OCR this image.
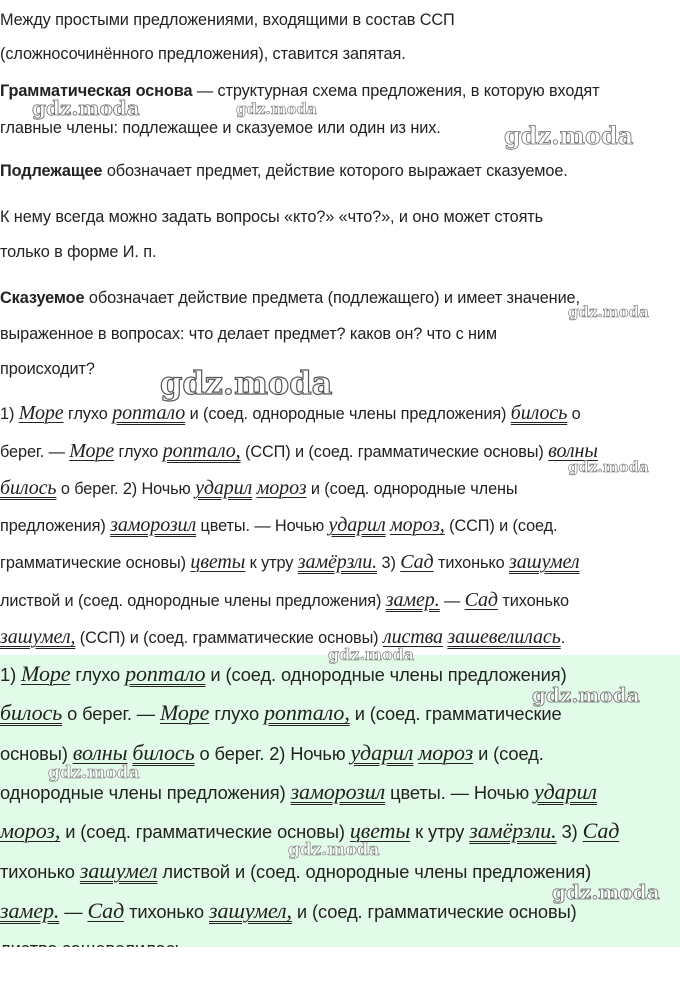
Между простыми предложениями, входящими в состав ССП
(сложносочинённого предложения), ставится запятая.
Грамматическая основа — структурная схема предложения, в которую входят
главные члены: подлежащее и сказуемое или один из них.
Подлежащее обозначает предмет, действие которого выражает сказуемое.
К нему всегда можно задать вопросы «кто?» «что?», и оно может стоять
только в форме И. п.
Сказуемое обозначает действие предмета (подлежащего) и имеет значение,
выраженное в вопросах: что делает предмет? каков он? что с ним
происходит?
1) Море глухо роптало и (соед. однородные члены предложения) билось о
берег. — Море глухо роптало, (ССП) и (соед. грамматические основы) волны
билось о берег. 2) Ночью ударил мороз и (соед. однородные члены
предложения) заморозил цветы. — Ночью ударил мороз, (ССП) и (соед.
грамматические основы) цветы к утру замёрзли. 3) Сад тихонько зашумел
листвой и (соед. однородные члены предложения) замер. — Сад тихонько
зашумел, (ССП) и (соед. грамматические основы) листва зашевелилась.
1) Море глухо роптало и (соед. однородные члены предложения)
билось о берег. — Море глухо роптало, и (соед. грамматические
основы) волны билось о берег. 2) Ночью ударил мороз и (соед.
однородные члены предложения) заморозил цветы. — Ночью ударил
мороз, и (соед. грамматические основы) цветы к утру замёрзли. 3) Сад
тихонько зашумел листвой и (соед. однородные члены предложения)
замер. — Сад тихонько зашумел, и (соед. грамматические основы)
gdz.moda	gdz.moda
gdz.moda
gdz.moda
gdz.moda
gdz.moda
gdz.moda
gdz.moda
gdz.moda
gdz.moda
gdz.moda
